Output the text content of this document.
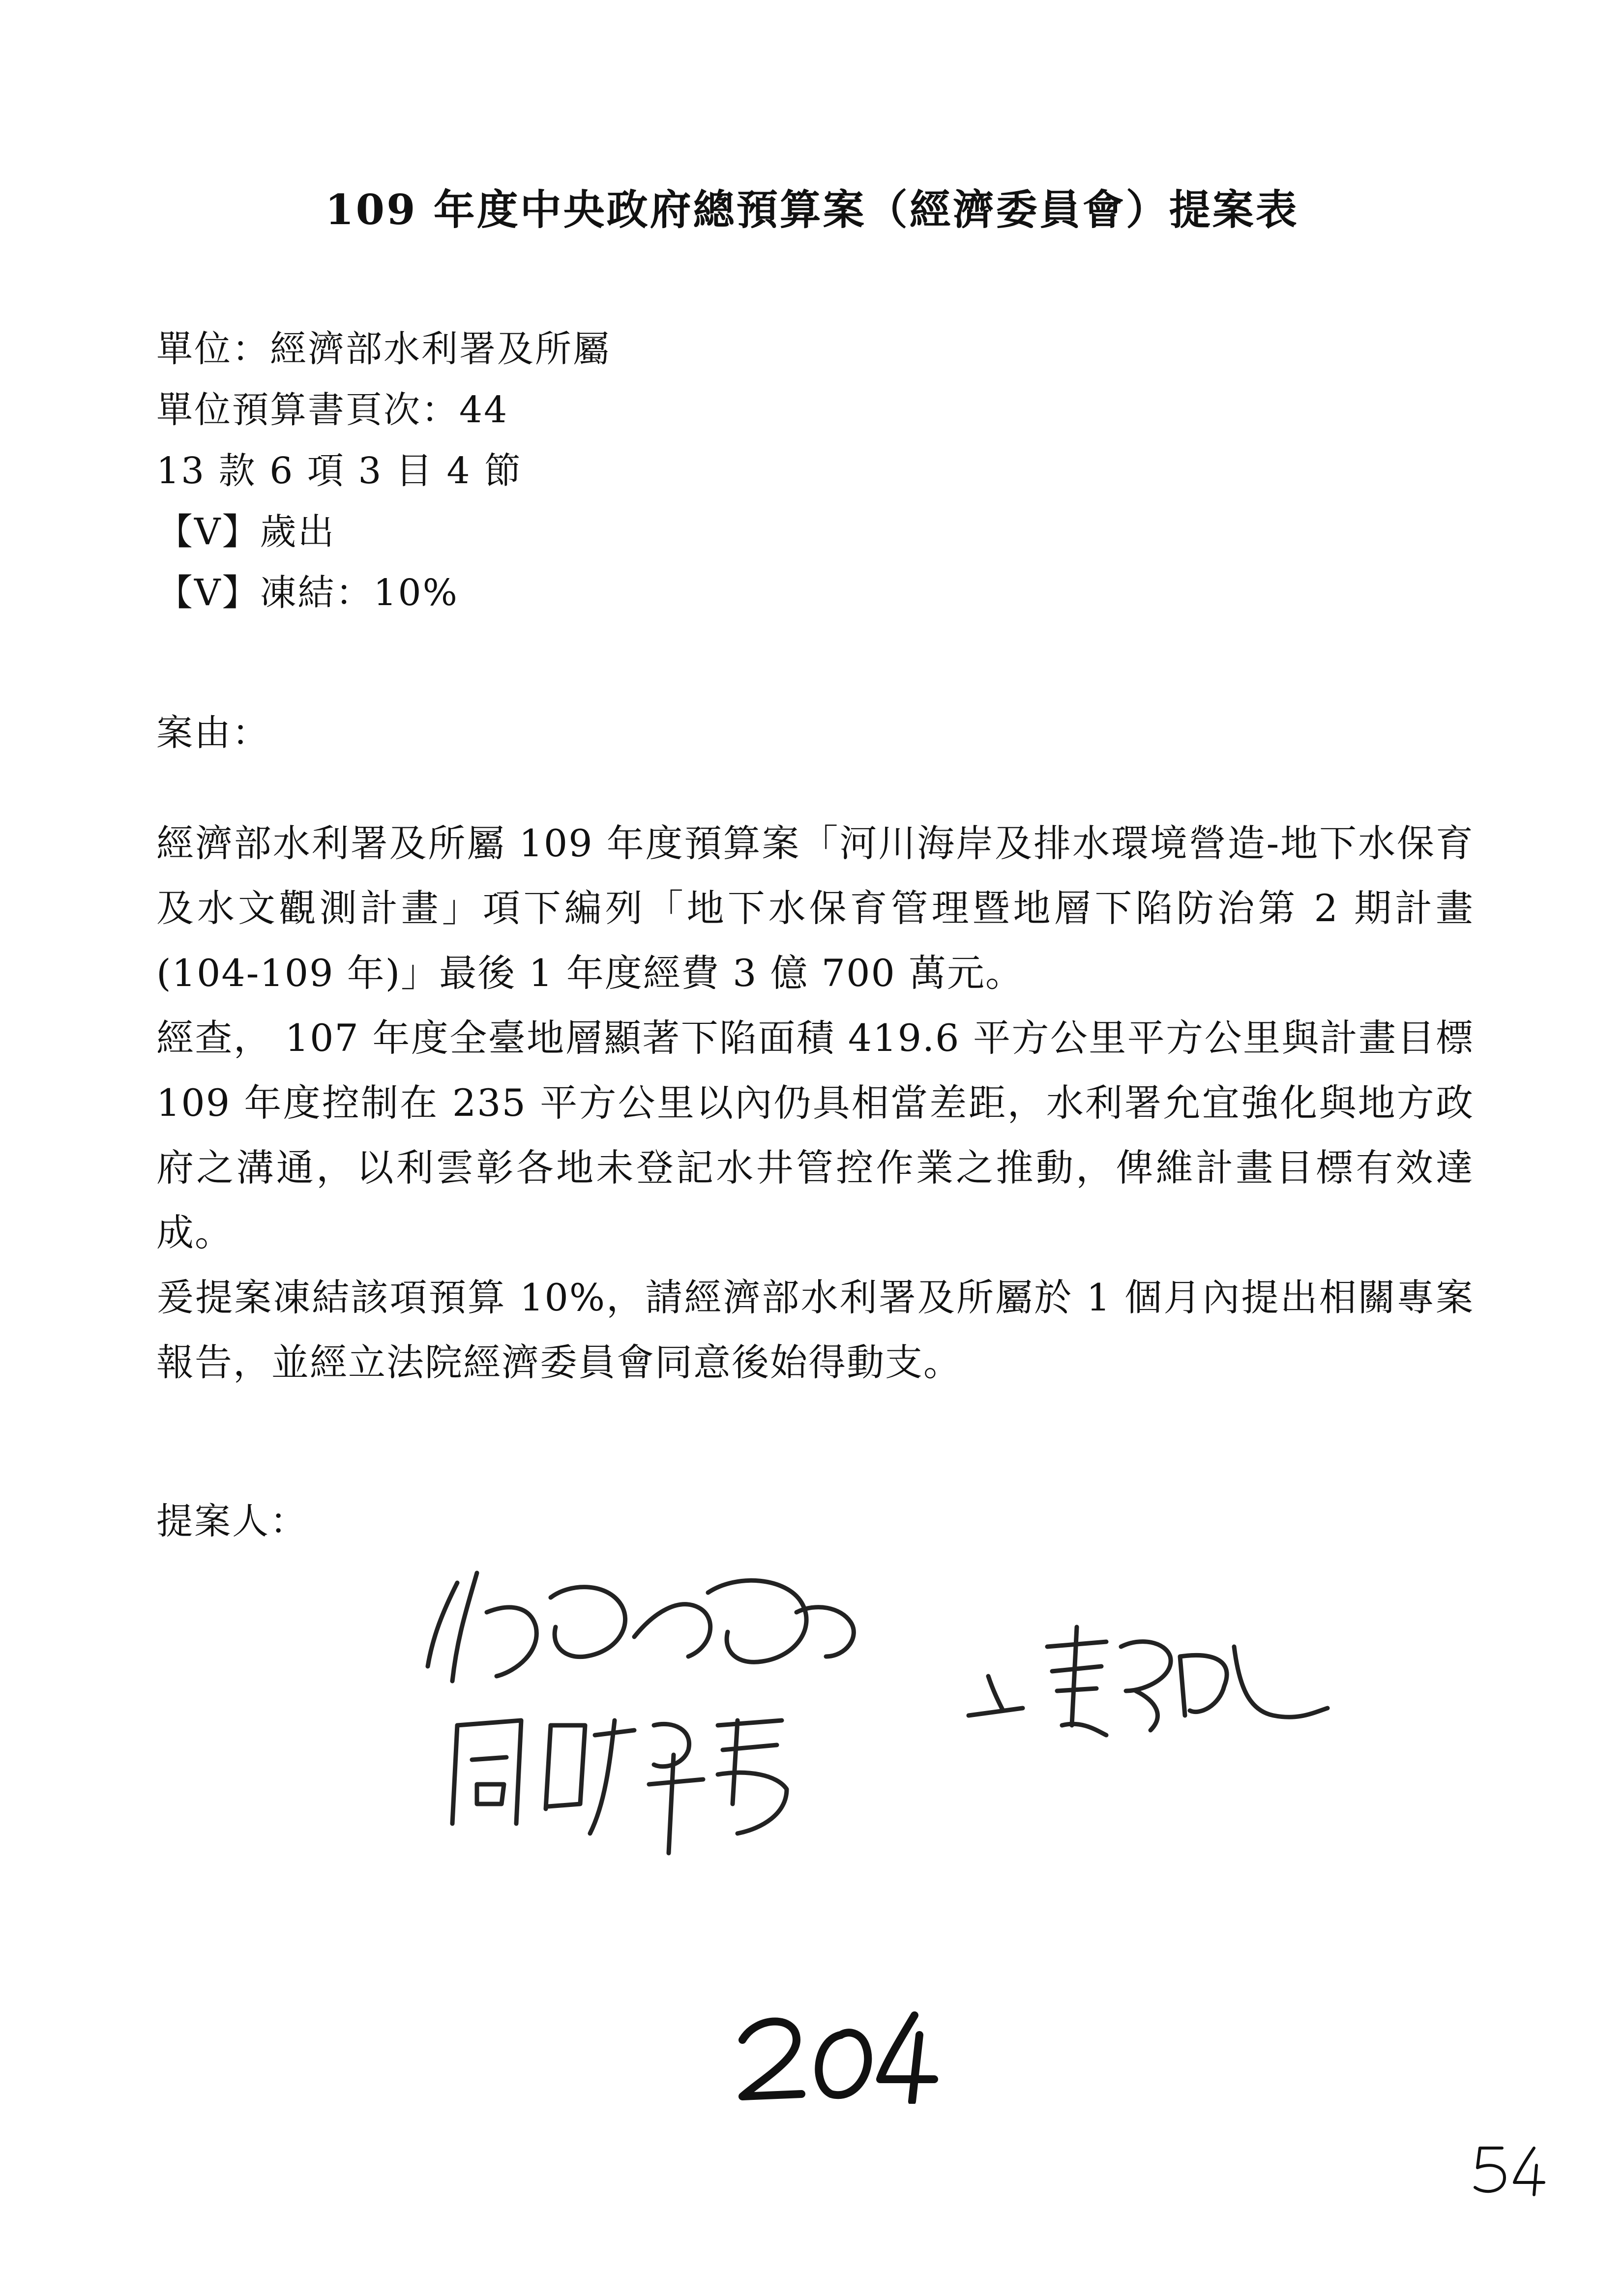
109 年度中央政府總預算案（經濟委員會）提案表
單位：經濟部水利署及所屬
單位預算書頁次：44
13 款 6 項 3 目 4 節
【V】歲出
【V】凍結：10%
案由：

經濟部水利署及所屬 109 年度預算案「河川海岸及排水環境營造-地下水保育及水文觀測計畫」項下編列「地下水保育管理暨地層下陷防治第 2 期計畫(104-109 年)」最後 1 年度經費 3 億 700 萬元。

經查， 107 年度全臺地層顯著下陷面積 419.6 平方公里平方公里與計畫目標 109 年度控制在 235 平方公里以內仍具相當差距，水利署允宜強化與地方政府之溝通，以利雲彰各地未登記水井管控作業之推動，俾維計畫目標有效達成。

爰提案凍結該項預算 10%，請經濟部水利署及所屬於 1 個月內提出相關專案報告，並經立法院經濟委員會同意後始得動支。

提案人：
